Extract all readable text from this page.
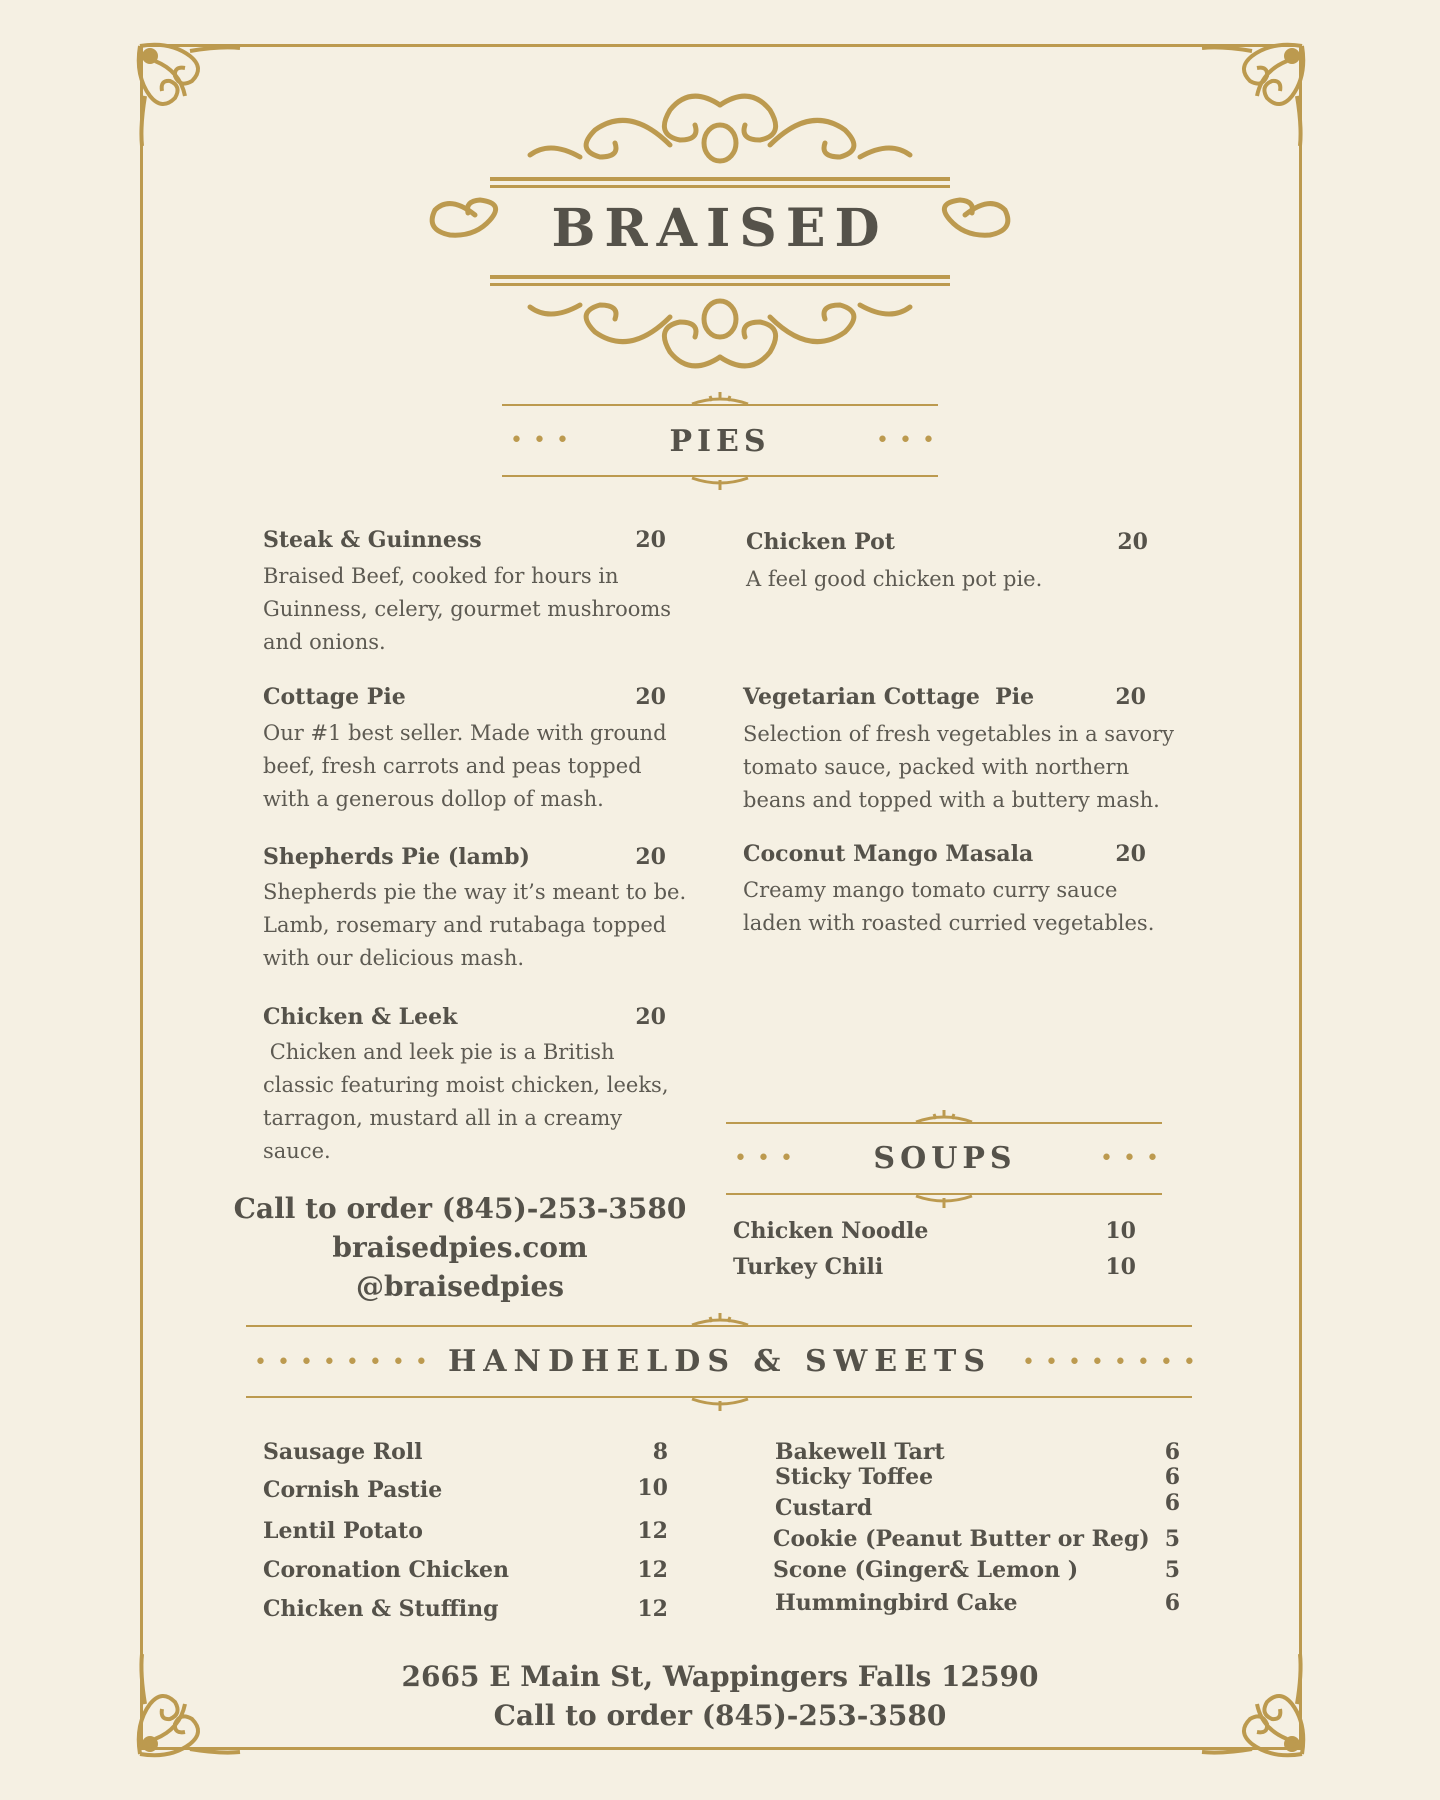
BRAISED
•••	PIES	•••
Steak & Guinness	20
Braised Beef, cooked for hours in Guinness, celery, gourmet mushrooms and onions.
Cottage Pie	20
Our #1 best seller. Made with ground beef, fresh carrots and peas topped with a generous dollop of mash.
Shepherds Pie (lamb)	20
Shepherds pie the way it’s meant to be. Lamb, rosemary and rutabaga topped with our delicious mash.
Chicken & Leek	20
Chicken and leek pie is a British classic featuring moist chicken, leeks, tarragon, mustard all in a creamy sauce.
Chicken Pot	20
A feel good chicken pot pie.
Vegetarian Cottage  Pie	20
Selection of fresh vegetables in a savory tomato sauce, packed with northern beans and topped with a buttery mash.
Coconut Mango Masala	20
Creamy mango tomato curry sauce laden with roasted curried vegetables.
Call to order (845)-253-3580
braisedpies.com
@braisedpies
•••	SOUPS	•••
Chicken Noodle	10
Turkey Chili	10
•••••••• HANDHELDS & SWEETS	••••••••
Sausage Roll	8
Cornish Pastie	10
Lentil Potato	12
Coronation Chicken	12
Chicken & Stuffing	12
Bakewell Tart	6
Sticky Toffee	6
Custard	6
Cookie (Peanut Butter or Reg) 5
Scone (Ginger& Lemon )	5
Hummingbird Cake	6
2665 E Main St, Wappingers Falls 12590
Call to order (845)-253-3580
